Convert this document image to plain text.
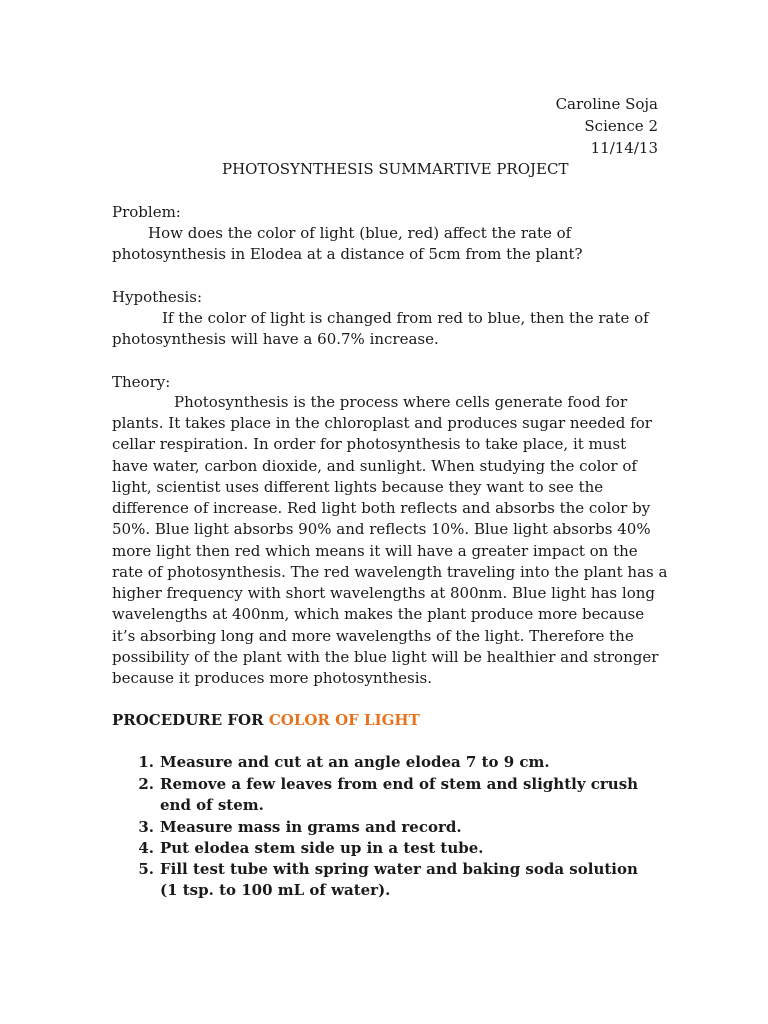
Caroline Soja
Science 2
11/14/13
PHOTOSYNTHESIS SUMMARTIVE PROJECT
Problem:
How does the color of light (blue, red) affect the rate of
photosynthesis in Elodea at a distance of 5cm from the plant?
Hypothesis:
If the color of light is changed from red to blue, then the rate of
photosynthesis will have a 60.7% increase.
Theory:
Photosynthesis is the process where cells generate food for
plants. It takes place in the chloroplast and produces sugar needed for
cellar respiration. In order for photosynthesis to take place, it must
have water, carbon dioxide, and sunlight. When studying the color of
light, scientist uses different lights because they want to see the
difference of increase. Red light both reflects and absorbs the color by
50%. Blue light absorbs 90% and reflects 10%. Blue light absorbs 40%
more light then red which means it will have a greater impact on the
rate of photosynthesis. The red wavelength traveling into the plant has a
higher frequency with short wavelengths at 800nm. Blue light has long
wavelengths at 400nm, which makes the plant produce more because
it’s absorbing long and more wavelengths of the light. Therefore the
possibility of the plant with the blue light will be healthier and stronger
because it produces more photosynthesis.
PROCEDURE FOR COLOR OF LIGHT
1. Measure and cut at an angle elodea 7 to 9 cm.
2. Remove a few leaves from end of stem and slightly crush
end of stem.
3. Measure mass in grams and record.
4. Put elodea stem side up in a test tube.
5. Fill test tube with spring water and baking soda solution
(1 tsp. to 100 mL of water).
